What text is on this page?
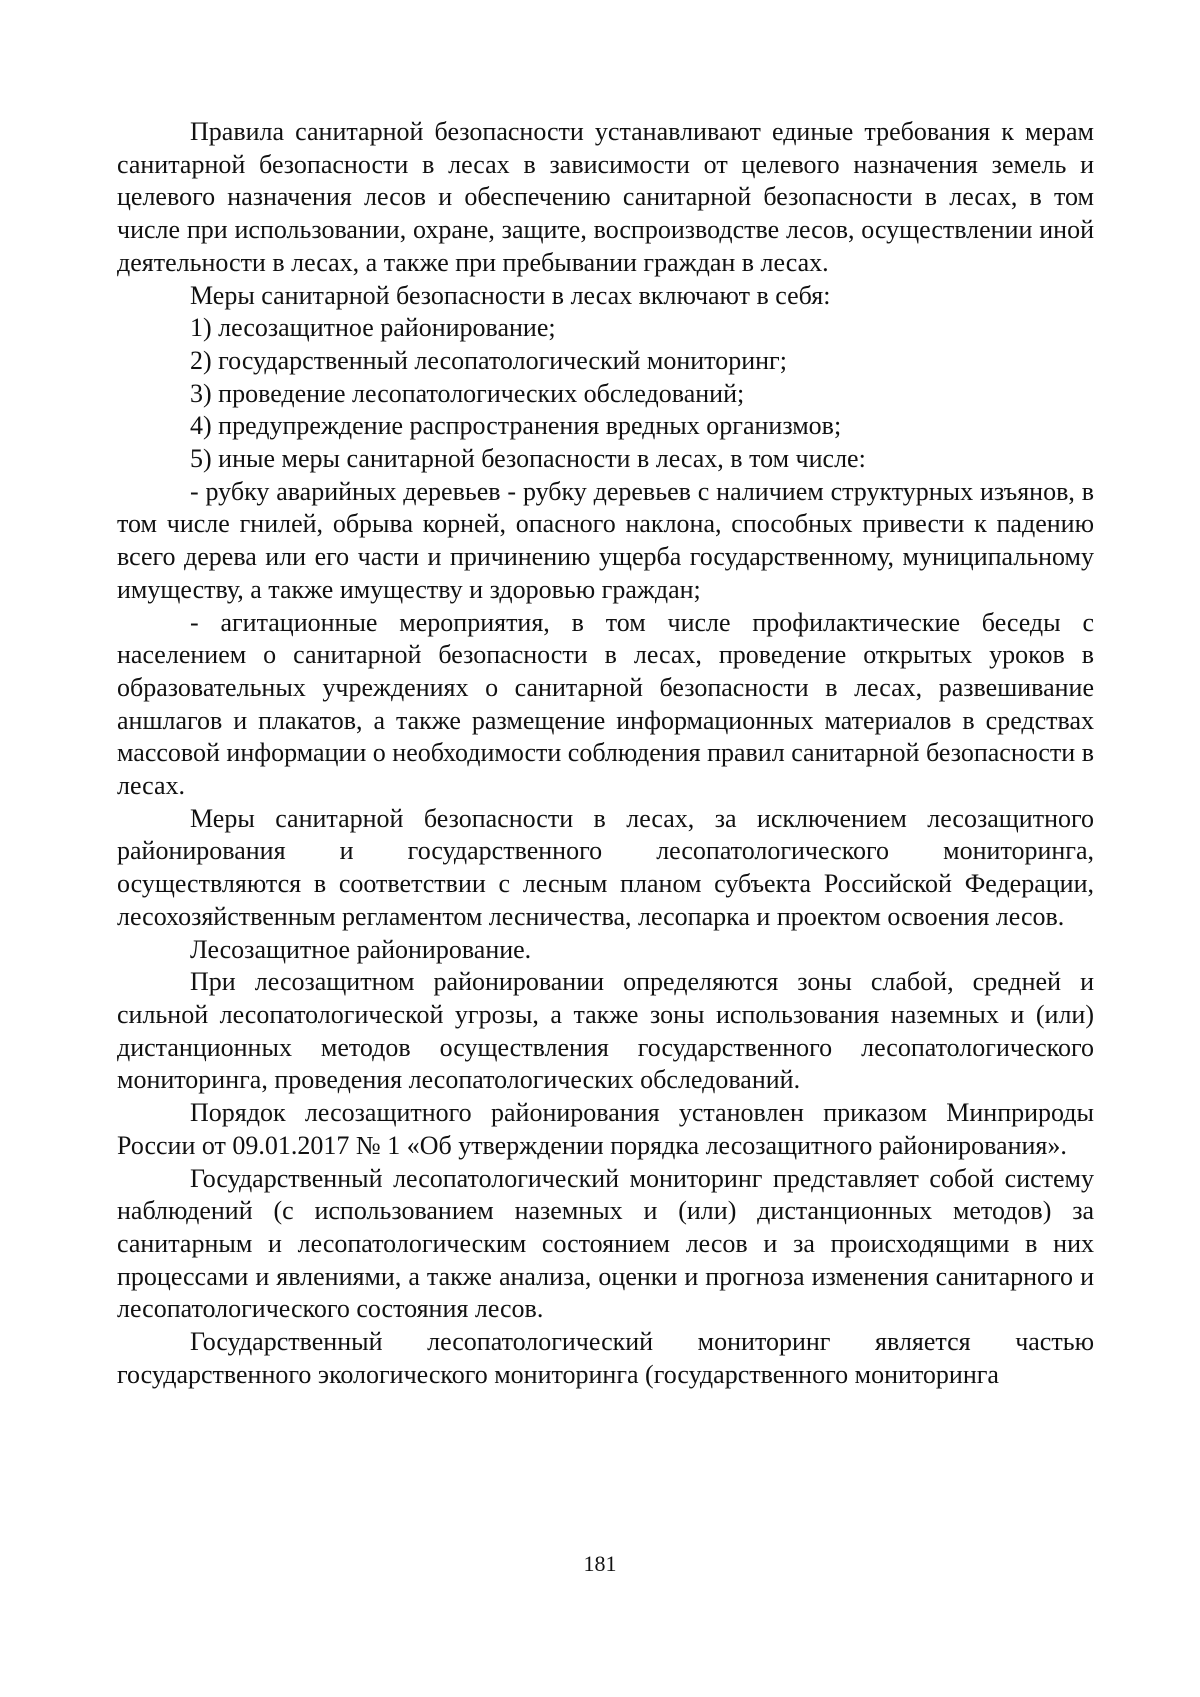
Правила санитарной безопасности устанавливают единые требования к мерам санитарной безопасности в лесах в зависимости от целевого назначения земель и целевого назначения лесов и обеспечению санитарной безопасности в лесах, в том числе при использовании, охране, защите, воспроизводстве лесов, осуществлении иной деятельности в лесах, а также при пребывании граждан в лесах.

Меры санитарной безопасности в лесах включают в себя:

1) лесозащитное районирование;

2) государственный лесопатологический мониторинг;

3) проведение лесопатологических обследований;

4) предупреждение распространения вредных организмов;

5) иные меры санитарной безопасности в лесах, в том числе:

- рубку аварийных деревьев - рубку деревьев с наличием структурных изъянов, в том числе гнилей, обрыва корней, опасного наклона, способных привести к падению всего дерева или его части и причинению ущерба государственному, муниципальному имуществу, а также имуществу и здоровью граждан;

- агитационные мероприятия, в том числе профилактические беседы с населением о санитарной безопасности в лесах, проведение открытых уроков в образовательных учреждениях о санитарной безопасности в лесах, развешивание аншлагов и плакатов, а также размещение информационных материалов в средствах массовой информации о необходимости соблюдения правил санитарной безопасности в лесах.

Меры санитарной безопасности в лесах, за исключением лесозащитного районирования и государственного лесопатологического мониторинга, осуществляются в соответствии с лесным планом субъекта Российской Федерации, лесохозяйственным регламентом лесничества, лесопарка и проектом освоения лесов.

Лесозащитное районирование.

При лесозащитном районировании определяются зоны слабой, средней и сильной лесопатологической угрозы, а также зоны использования наземных и (или) дистанционных методов осуществления государственного лесопатологического мониторинга, проведения лесопатологических обследований.

Порядок лесозащитного районирования установлен приказом Минприроды России от 09.01.2017 № 1 «Об утверждении порядка лесозащитного районирования».

Государственный лесопатологический мониторинг представляет собой систему наблюдений (с использованием наземных и (или) дистанционных методов) за санитарным и лесопатологическим состоянием лесов и за происходящими в них процессами и явлениями, а также анализа, оценки и прогноза изменения санитарного и лесопатологического состояния лесов.

Государственный лесопатологический мониторинг является частью государственного экологического мониторинга (государственного мониторинга

181
